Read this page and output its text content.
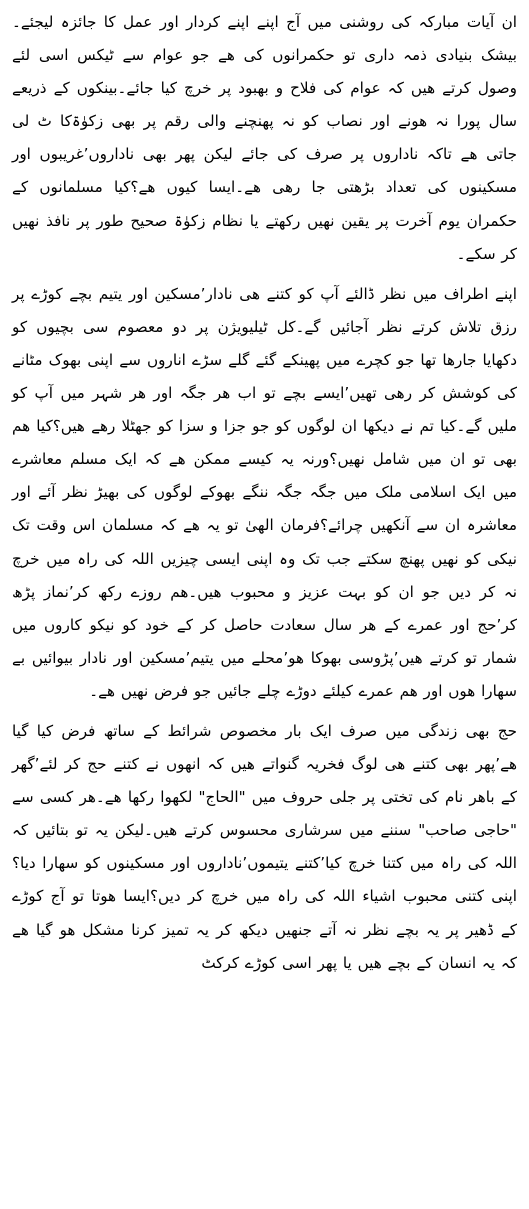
ان آیات مبارکہ کی روشنی میں آج اپنے اپنے کردار اور عمل کا جائزہ لیجئے۔بیشک بنیادی ذمہ داری تو حکمرانوں کی ھے جو عوام سے ٹیکس اسی لئے وصول کرتے ھیں کہ عوام کی فلاح و بھبود پر خرچ کیا جائے۔بینکوں کے ذریعے سال پورا نہ ھونے اور نصاب کو نہ پھنچنے والی رقم پر بھی زکوٰۃکا ٹ لی جاتی ھے تاکہ ناداروں پر صرف کی جائے لیکن پھر بھی ناداروں٬غریبوں اور مسکینوں کی تعداد بڑھتی جا رھی ھے۔ایسا کیوں ھے؟کیا مسلمانوں کے حکمران یوم آخرت پر یقین نھیں رکھتے یا نظام زکوٰۃ صحیح طور پر نافذ نھیں کر سکے۔

اپنے اطراف میں نظر ڈالئے آپ کو کتنے ھی نادار٬مسکین اور یتیم بچے کوڑے پر رزق تلاش کرتے نظر آجائیں گے۔کل ٹیلیویژن پر دو معصوم سی بچیوں کو دکھایا جارھا تھا جو کچرے میں پھینکے گئے گلے سڑے اناروں سے اپنی بھوک مٹانے کی کوشش کر رھی تھیں٬ایسے بچے تو اب ھر جگہ اور ھر شہر میں آپ کو ملیں گے۔کیا تم نے دیکھا ان لوگوں کو جو جزا و سزا کو جھٹلا رھے ھیں؟کیا ھم بھی تو ان میں شامل نھیں؟ورنہ یہ کیسے ممکن ھے کہ ایک مسلم معاشرے میں ایک اسلامی ملک میں جگہ جگہ ننگے بھوکے لوگوں کی بھیڑ نظر آئے اور معاشرہ ان سے آنکھیں چرائے؟فرمان الھیٰ تو یہ ھے کہ مسلمان اس وقت تک نیکی کو نھیں پھنچ سکتے جب تک وہ اپنی ایسی چیزیں اللہ کی راہ میں خرچ نہ کر دیں جو ان کو بہت عزیز و محبوب ھیں۔ھم روزے رکھ کر٬نماز پڑھ کر٬حج اور عمرے کے ھر سال سعادت حاصل کر کے خود کو نیکو کاروں میں شمار تو کرتے ھیں٬پڑوسی بھوکا ھو٬محلے میں یتیم٬مسکین اور نادار بیوائیں بے سھارا ھوں اور ھم عمرے کیلئے دوڑے چلے جائیں جو فرض نھیں ھے۔

حج بھی زندگی میں صرف ایک بار مخصوص شرائط کے ساتھ فرض کیا گیا ھے٬پھر بھی کتنے ھی لوگ فخریہ گنواتے ھیں کہ انھوں نے کتنے حج کر لئے٬گھر کے باھر نام کی تختی پر جلی حروف میں "الحاج" لکھوا رکھا ھے۔ھر کسی سے "حاجی صاحب" سننے میں سرشاری محسوس کرتے ھیں۔لیکن یہ تو بتائیں کہ اللہ کی راہ میں کتنا خرچ کیا٬کتنے یتیموں٬ناداروں اور مسکینوں کو سھارا دیا؟اپنی کتنی محبوب اشیاء اللہ کی راہ میں خرچ کر دیں؟ایسا ھوتا تو آج کوڑے کے ڈھیر پر یہ بچے نظر نہ آتے جنھیں دیکھ کر یہ تمیز کرنا مشکل ھو گیا ھے کہ یہ انسان کے بچے ھیں یا پھر اسی کوڑے کرکٹ
